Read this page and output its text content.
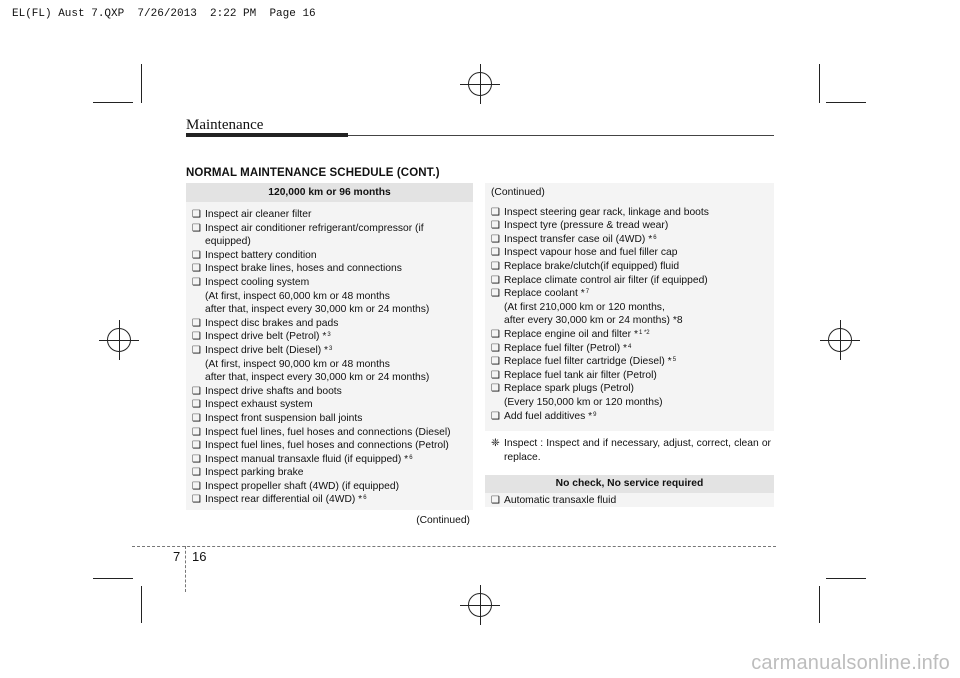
EL(FL) Aust 7.QXP  7/26/2013  2:22 PM  Page 16
Maintenance
NORMAL MAINTENANCE SCHEDULE (CONT.)
120,000 km or 96 months
❑ Inspect air cleaner filter
❑ Inspect air conditioner refrigerant/compressor (if equipped)
❑ Inspect battery condition
❑ Inspect brake lines, hoses and connections
❑ Inspect cooling system
(At first, inspect 60,000 km or 48 months
after that, inspect every 30,000 km or 24 months)
❑ Inspect disc brakes and pads
❑ Inspect drive belt (Petrol) *$^3$
❑ Inspect drive belt (Diesel) *$^3$
(At first, inspect 90,000 km or 48 months
after that, inspect every 30,000 km or 24 months)
❑ Inspect drive shafts and boots
❑ Inspect exhaust system
❑ Inspect front suspension ball joints
❑ Inspect fuel lines, fuel hoses and connections (Diesel)
❑ Inspect fuel lines, fuel hoses and connections (Petrol)
❑ Inspect manual transaxle fluid (if equipped) *$^6$
❑ Inspect parking brake
❑ Inspect propeller shaft (4WD) (if equipped)
❑ Inspect rear differential oil (4WD) *$^6$
(Continued)
(Continued)
❑ Inspect steering gear rack, linkage and boots
❑ Inspect tyre (pressure & tread wear)
❑ Inspect transfer case oil (4WD) *$^6$
❑ Inspect vapour hose and fuel filler cap
❑ Replace brake/clutch(if equipped) fluid
❑ Replace climate control air filter (if equipped)
❑ Replace coolant *$^7$
(At first 210,000 km or 120 months,
after every 30,000 km or 24 months) *8
❑ Replace engine oil and filter *$^{1 *2}$
❑ Replace fuel filter (Petrol) *$^4$
❑ Replace fuel filter cartridge (Diesel) *$^5$
❑ Replace fuel tank air filter (Petrol)
❑ Replace spark plugs (Petrol)
(Every 150,000 km or 120 months)
❑ Add fuel additives *$^9$
❈ Inspect : Inspect and if necessary, adjust, correct, clean or replace.
No check, No service required
❑ Automatic transaxle fluid
7 16
carmanualsonline.info
